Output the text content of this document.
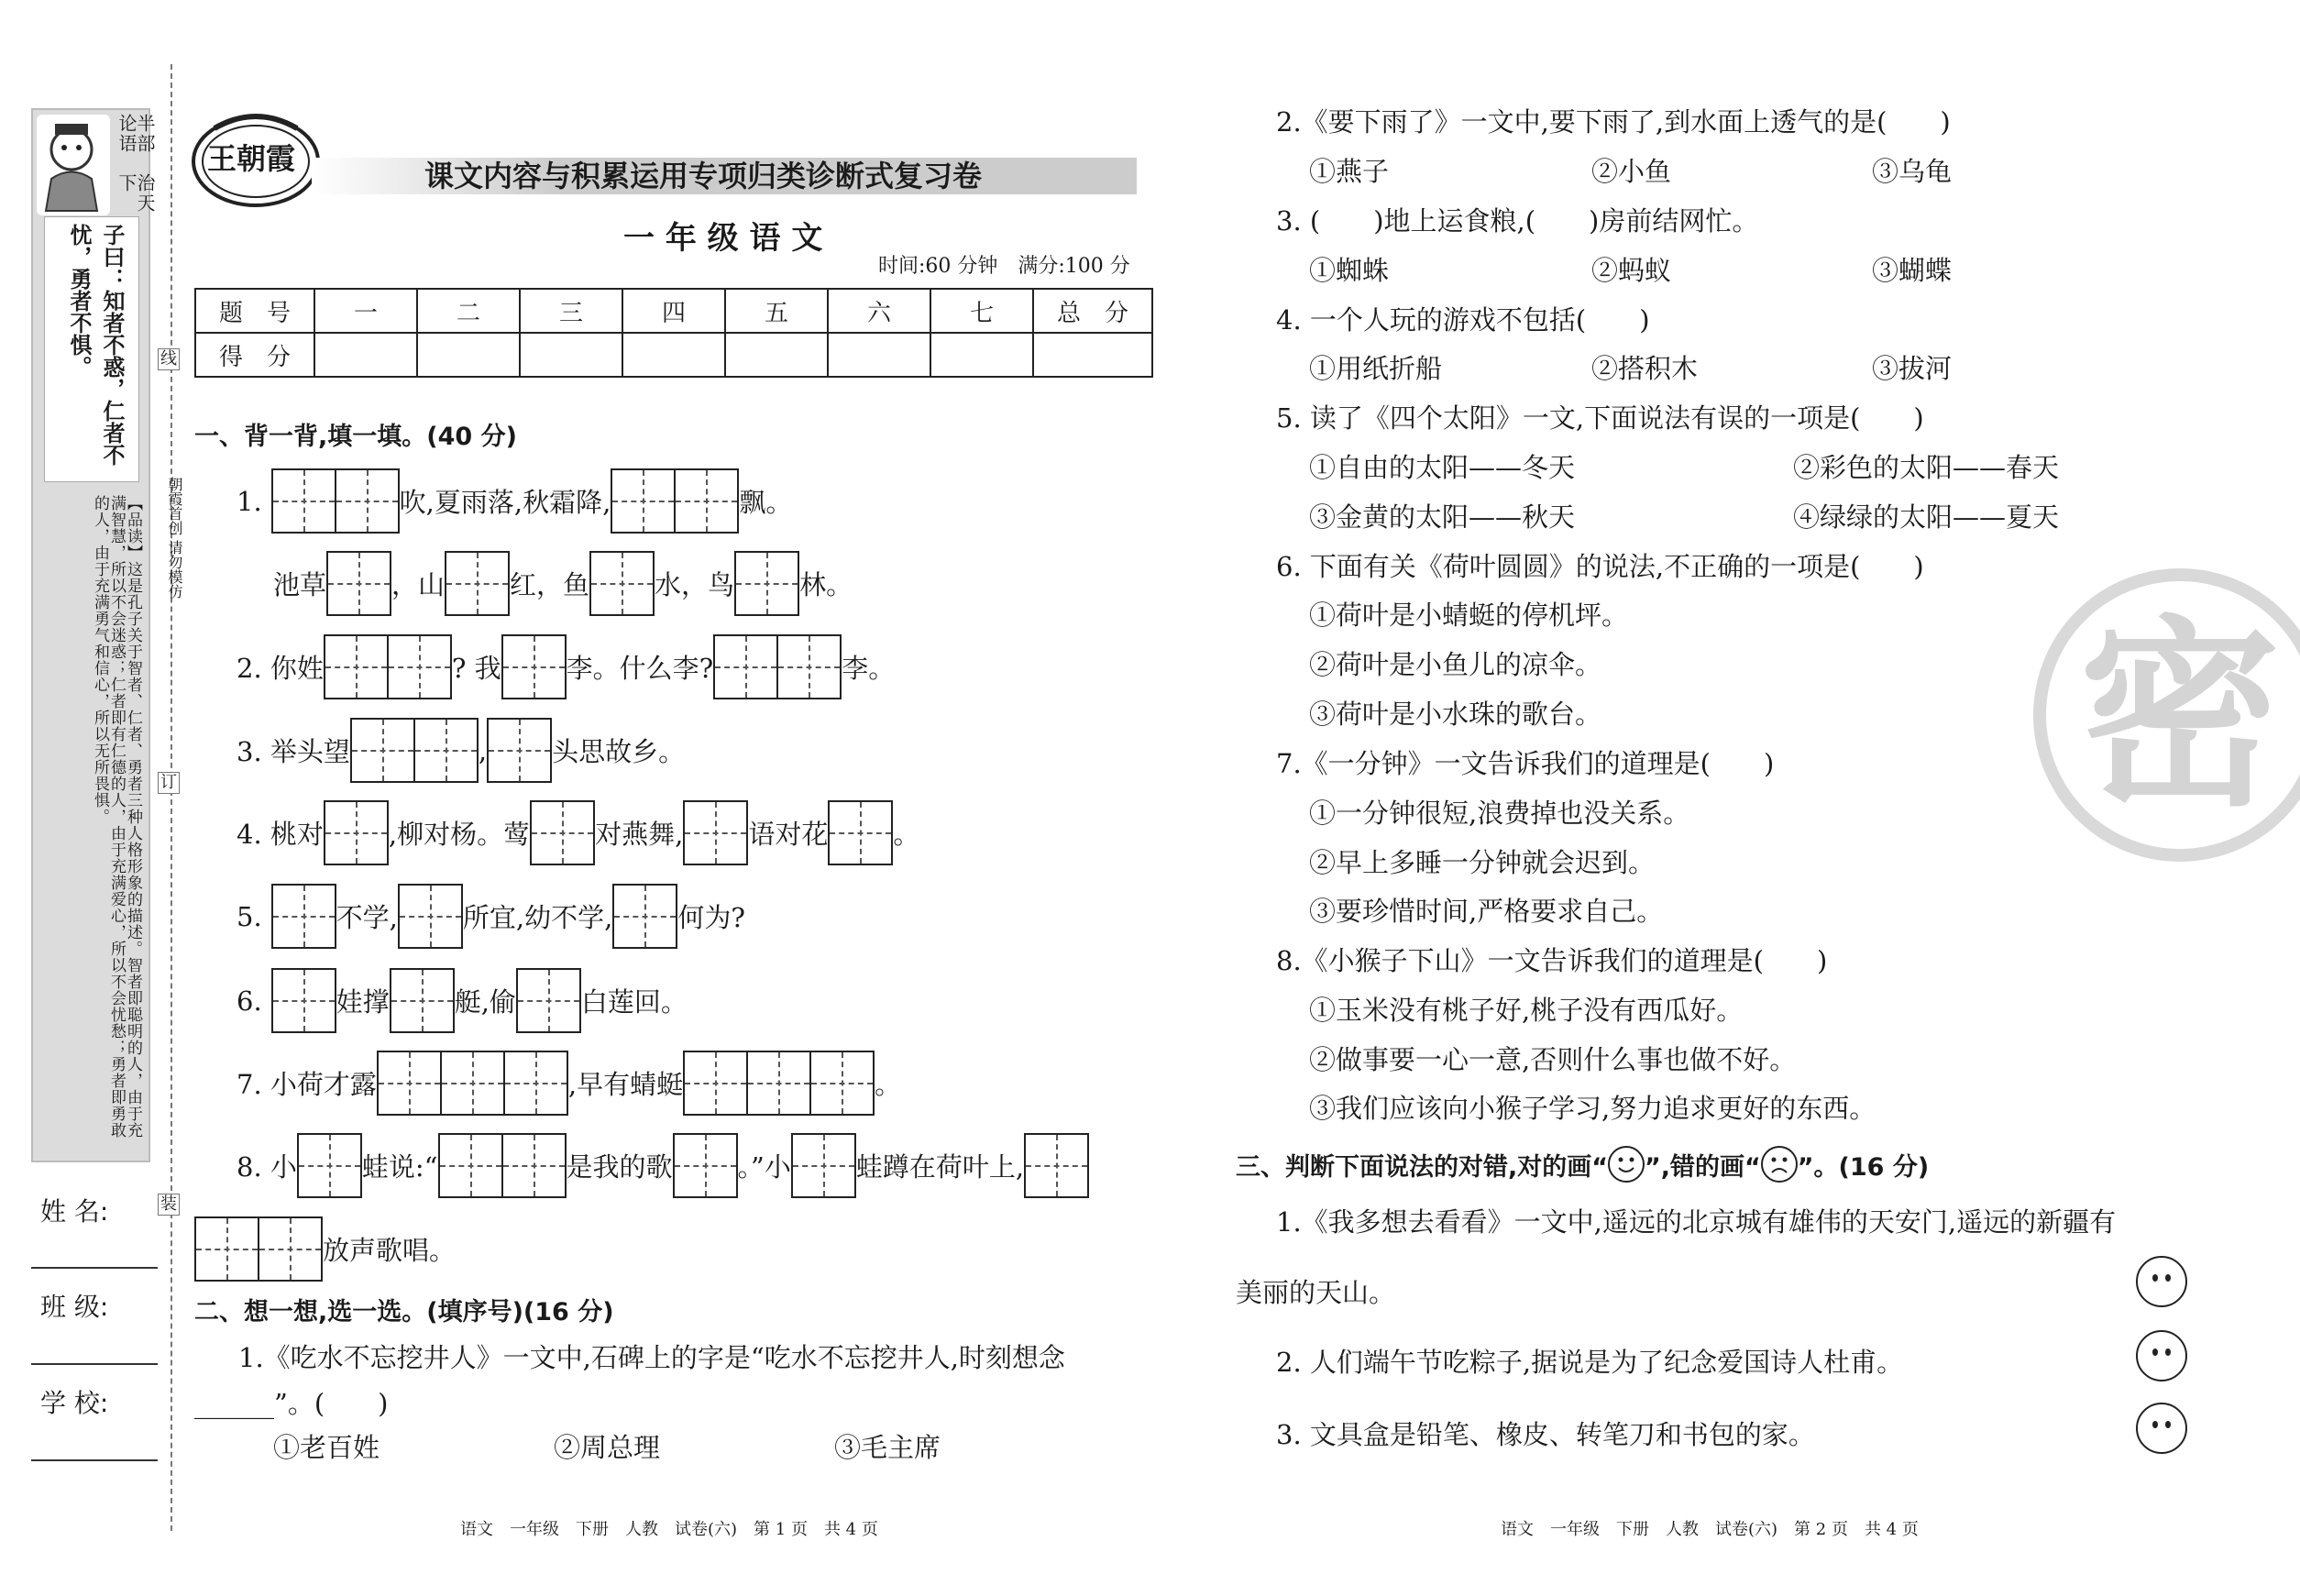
半部论语治天下
子曰：知者不惑，仁者不忧，勇者不惧。
【品读】这是孔子关于智者、仁者、勇者三种人格形象的描述。智者即聪明的人，由于充满智慧，所以不会迷惑；仁者即有仁德的人，由于充满爱心，所以不会忧愁；勇者即勇敢的人，由于充满勇气和信心，所以无所畏惧。
姓 名:
班 级:
学 校:
线
订
装
朝霞首创 请勿模仿
王朝霞	课文内容与积累运用专项归类诊断式复习卷
一 年 级 语 文
时间:60 分钟　满分:100 分
题　号	一	二	三	四	五	六	七	总　分
得　分								
一、背一背,填一填。(40 分)
1.	吹,夏雨落,秋霜降,	飘。
池草 ，山 红，鱼 水，鸟 林。
2. 你姓	? 我 李。什么李?	李。
3. 举头望	, 头思故乡。
4. 桃对 ,柳对杨。莺 对燕舞, 语对花 。
5.	不学, 所宜,幼不学, 何为?
6.	娃撑 艇,偷 白莲回。
7. 小荷才露	,早有蜻蜓	。
8. 小 蛙说:“	是我的歌 。”小 蛙蹲在荷叶上,
放声歌唱。
二、想一想,选一选。(填序号)(16 分)
1.《吃水不忘挖井人》一文中,石碑上的字是“吃水不忘挖井人,时刻想念
______”。(　　)
①老百姓	②周总理	③毛主席
2.《要下雨了》一文中,要下雨了,到水面上透气的是(　　)
①燕子	②小鱼	③乌龟
3. (　　)地上运食粮,(　　)房前结网忙。
①蜘蛛	②蚂蚁	③蝴蝶
4. 一个人玩的游戏不包括(　　)
①用纸折船	②搭积木	③拔河
5. 读了《四个太阳》一文,下面说法有误的一项是(　　)
①自由的太阳——冬天	②彩色的太阳——春天
③金黄的太阳——秋天	④绿绿的太阳——夏天
6. 下面有关《荷叶圆圆》的说法,不正确的一项是(　　)
①荷叶是小蜻蜓的停机坪。
②荷叶是小鱼儿的凉伞。
③荷叶是小水珠的歌台。
7.《一分钟》一文告诉我们的道理是(　　)
①一分钟很短,浪费掉也没关系。
②早上多睡一分钟就会迟到。
③要珍惜时间,严格要求自己。
8.《小猴子下山》一文告诉我们的道理是(　　)
①玉米没有桃子好,桃子没有西瓜好。
②做事要一心一意,否则什么事也做不好。
③我们应该向小猴子学习,努力追求更好的东西。
三、判断下面说法的对错,对的画“ ”,错的画“ ”。(16 分)
1.《我多想去看看》一文中,遥远的北京城有雄伟的天安门,遥远的新疆有
美丽的天山。
2. 人们端午节吃粽子,据说是为了纪念爱国诗人杜甫。
3. 文具盒是铅笔、橡皮、转笔刀和书包的家。
密
语文　一年级　下册　人教　试卷(六)　第 1 页　共 4 页	语文　一年级　下册　人教　试卷(六)　第 2 页　共 4 页
